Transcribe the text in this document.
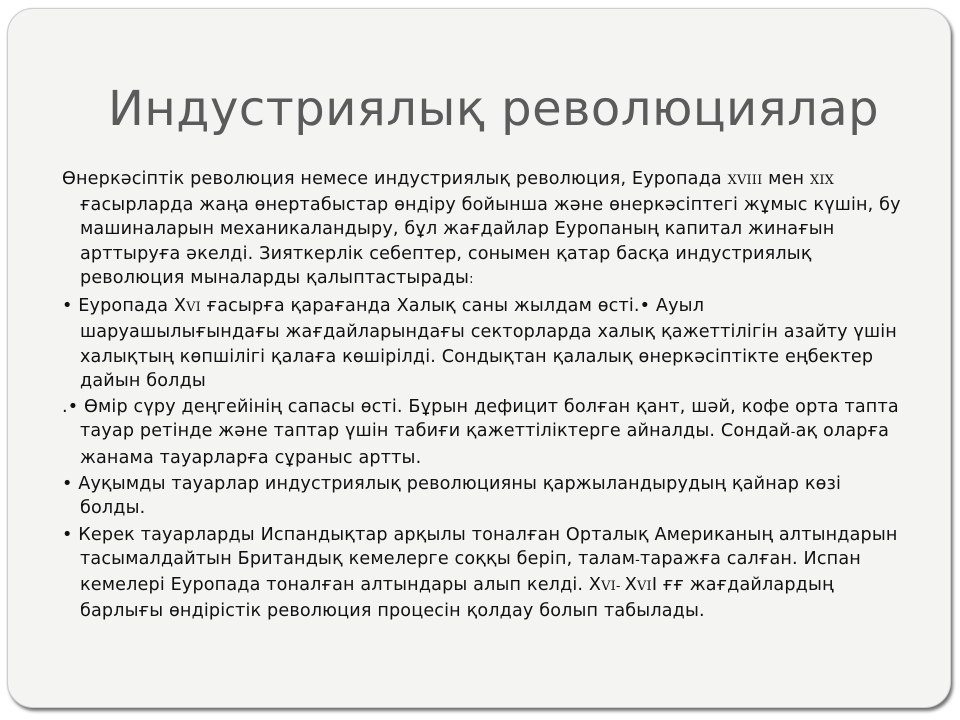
Индустриялық революциялар

Өнеркәсіптік революция немесе индустриялық революция, Еуропада XVIII мен XIX ғасырларда жаңа өнертабыстар өндіру бойынша және өнеркәсіптегі жұмыс күшін, бу машиналарын механикаландыру, бұл жағдайлар Еуропаның капитал жинағын арттыруға әкелді. Зияткерлік себептер, сонымен қатар басқа индустриялық революция мыналарды қалыптастырады:

• Еуропада ХVI ғасырға қарағанда Халық саны жылдам өсті.• Ауыл шаруашылығындағы жағдайларындағы секторларда халық қажеттілігін азайту үшін халықтың көпшілігі қалаға көшірілді. Сондықтан қалалық өнеркәсіптікте еңбектер дайын болды

.• Өмір сүру деңгейінің сапасы өсті. Бұрын дефицит болған қант, шәй, кофе орта тапта тауар ретінде және таптар үшін табиғи қажеттіліктерге айналды. Сондай-ақ оларға жанама тауарларға сұраныс артты.

• Ауқымды тауарлар индустриялық революцияны қаржыландырудың қайнар көзі болды.

• Керек тауарларды Испандықтар арқылы тоналған Орталық Американың алтындарын тасымалдайтын Британдық кемелерге соққы беріп, талам-таражға салған. Испан кемелері Еуропада тоналған алтындары алып келді. ХVI- ХVII ғғ жағдайлардың барлығы өндірістік революция процесін қолдау болып табылады.
